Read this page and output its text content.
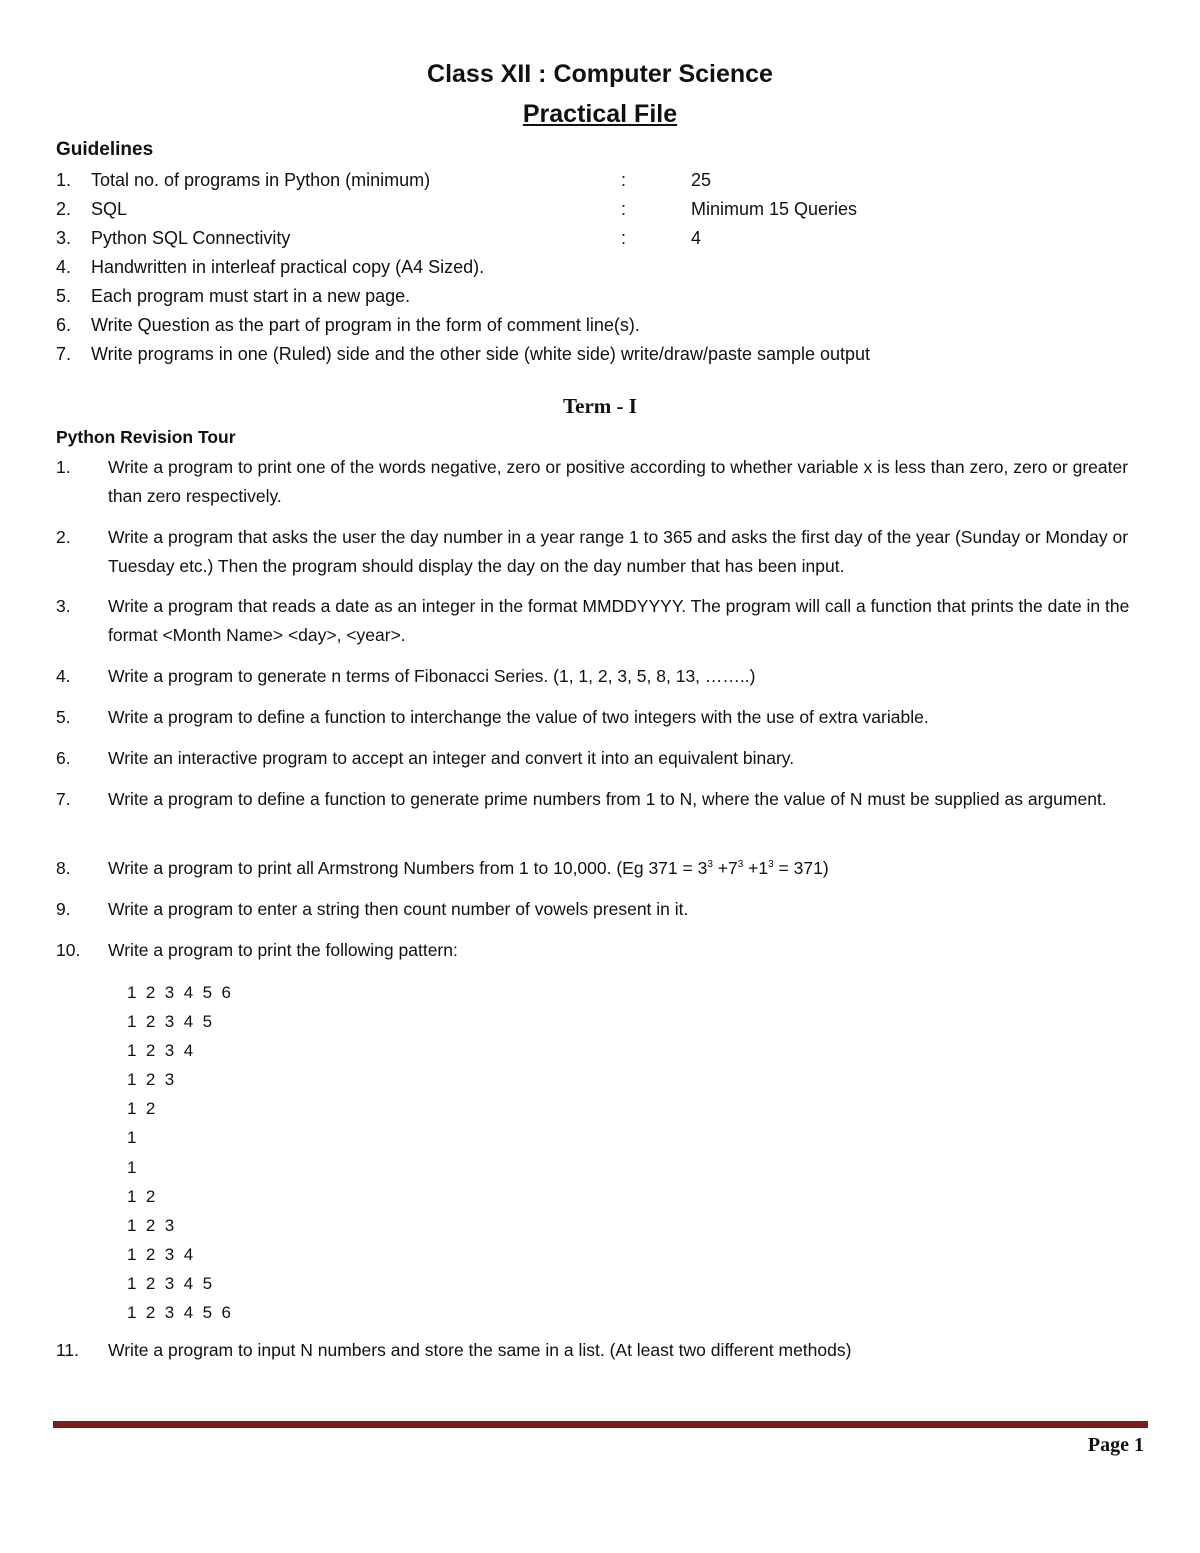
Class XII : Computer Science
Practical File
Guidelines
1. Total no. of programs in Python (minimum)	:	25
2. SQL	:	Minimum 15 Queries
3. Python SQL Connectivity	:	4
4. Handwritten in interleaf practical copy (A4 Sized).
5. Each program must start in a new page.
6. Write Question as the part of program in the form of comment line(s).
7. Write programs in one (Ruled) side and the other side (white side) write/draw/paste sample output
Term - I
Python Revision Tour
1. Write a program to print one of the words negative, zero or positive according to whether variable x is less than zero, zero or greater than zero respectively.
2. Write a program that asks the user the day number in a year range 1 to 365 and asks the first day of the year (Sunday or Monday or Tuesday etc.) Then the program should display the day on the day number that has been input.
3. Write a program that reads a date as an integer in the format MMDDYYYY. The program will call a function that prints the date in the format <Month Name> <day>, <year>.
4. Write a program to generate n terms of Fibonacci Series. (1, 1, 2, 3, 5, 8, 13, ……..)
5. Write a program to define a function to interchange the value of two integers with the use of extra variable.
6. Write an interactive program to accept an integer and convert it into an equivalent binary.
7. Write a program to define a function to generate prime numbers from 1 to N, where the value of N must be supplied as argument.
8. Write a program to print all Armstrong Numbers from 1 to 10,000. (Eg $371 = 3^3 +7^3 +1^3 = 371$)
9. Write a program to enter a string then count number of vowels present in it.
10. Write a program to print the following pattern:
1  2  3  4  5  6
1  2  3  4  5
1  2  3  4
1  2  3
1  2
1
1
1  2
1  2  3
1  2  3  4
1  2  3  4  5
1  2  3  4  5  6
11. Write a program to input N numbers and store the same in a list. (At least two different methods)
Page 1
